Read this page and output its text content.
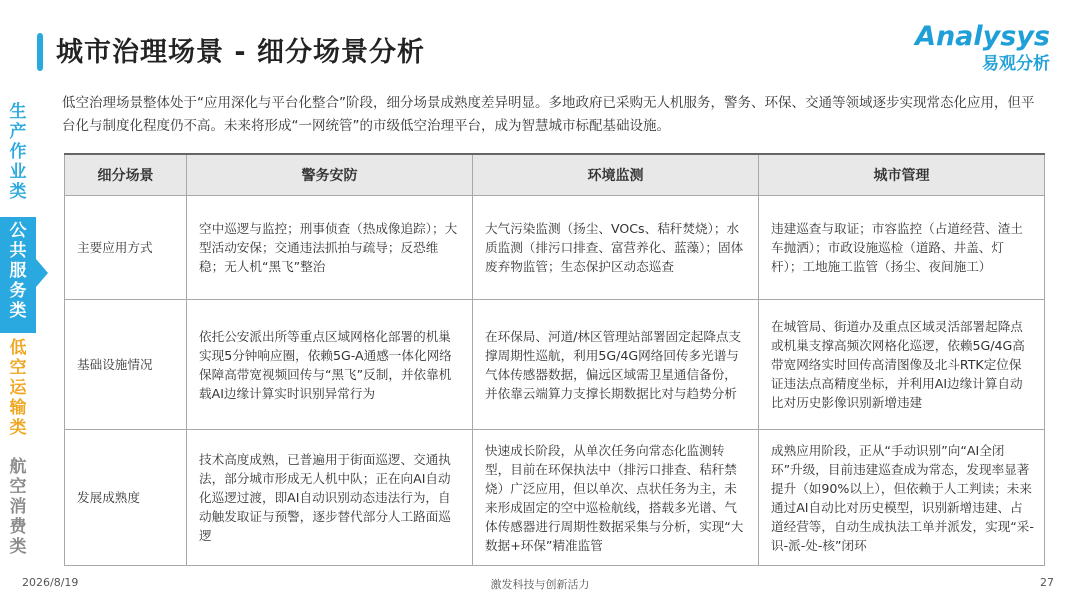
城市治理场景 - 细分场景分析
Analysys
易观分析
生
产
作
业
类
公
共
服
务
类
低
空
运
输
类
航
空
消
费
类
低空治理场景整体处于“应用深化与平台化整合”阶段，细分场景成熟度差异明显。多地政府已采购无人机服务，警务、环保、交通等领域逐步实现常态化应用，但平台化与制度化程度仍不高。未来将形成“一网统管”的市级低空治理平台，成为智慧城市标配基础设施。
细分场景	警务安防	环境监测	城市管理
主要应用方式	空中巡逻与监控；刑事侦查（热成像追踪）；大型活动安保；交通违法抓拍与疏导；反恐维稳；无人机“黑飞”整治	大气污染监测（扬尘、VOCs、秸秆焚烧）；水质监测（排污口排查、富营养化、蓝藻）；固体废弃物监管；生态保护区动态巡查	违建巡查与取证；市容监控（占道经营、渣土车抛洒）；市政设施巡检（道路、井盖、灯杆）；工地施工监管（扬尘、夜间施工）
基础设施情况	依托公安派出所等重点区域网格化部署的机巢实现5分钟响应圈，依赖5G-A通感一体化网络保障高带宽视频回传与“黑飞”反制，并依靠机载AI边缘计算实时识别异常行为	在环保局、河道/林区管理站部署固定起降点支撑周期性巡航，利用5G/4G网络回传多光谱与气体传感器数据，偏远区域需卫星通信备份，并依靠云端算力支撑长期数据比对与趋势分析	在城管局、街道办及重点区域灵活部署起降点或机巢支撑高频次网格化巡逻，依赖5G/4G高带宽网络实时回传高清图像及北斗RTK定位保证违法点高精度坐标，并利用AI边缘计算自动比对历史影像识别新增违建
发展成熟度	技术高度成熟，已普遍用于街面巡逻、交通执法，部分城市形成无人机中队；正在向AI自动化巡逻过渡，即AI自动识别动态违法行为，自动触发取证与预警，逐步替代部分人工路面巡逻	快速成长阶段，从单次任务向常态化监测转型，目前在环保执法中（排污口排查、秸秆禁烧）广泛应用，但以单次、点状任务为主，未来形成固定的空中巡检航线，搭载多光谱、气体传感器进行周期性数据采集与分析，实现“大数据+环保”精准监管	成熟应用阶段，正从“手动识别”向“AI全闭环”升级，目前违建巡查成为常态，发现率显著提升（如90%以上），但依赖于人工判读；未来通过AI自动比对历史模型，识别新增违建、占道经营等，自动生成执法工单并派发，实现“采-识-派-处-核”闭环
2026/8/19	激发科技与创新活力	27
